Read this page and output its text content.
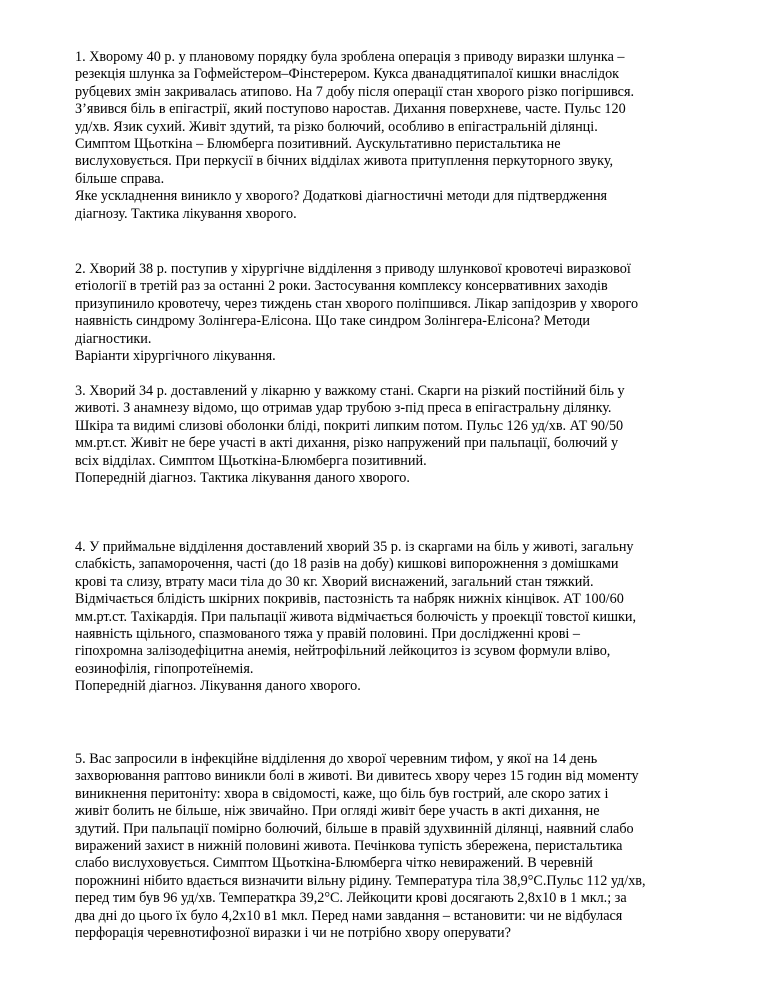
1. Хворому 40 р. у плановому порядку була зроблена операція з приводу виразки шлунка –

резекція шлунка за Гофмейстером–Фінстерером. Кукса дванадцятипалої кишки внаслідок

рубцевих змін закривалась атипово. На 7 добу після операції стан хворого різко погіршився.

З’явився біль в епігастрії, який поступово наростав. Дихання поверхневе, часте. Пульс 120

уд/хв. Язик сухий. Живіт здутий, та різко болючий, особливо в епігастральній ділянці.

Симптом Щьоткіна – Блюмберга позитивний. Аускультативно перистальтика не

вислуховується. При перкусії в бічних відділах живота притуплення перкуторного звуку,

більше справа.

Яке ускладнення виникло у хворого? Додаткові діагностичні методи для підтвердження

діагнозу. Тактика лікування хворого.

2. Хворий 38 р. поступив у хірургічне відділення з приводу шлункової кровотечі виразкової

етіології в третій раз за останні 2 роки. Застосування комплексу консервативних заходів

призупинило кровотечу, через тиждень стан хворого поліпшився. Лікар запідозрив у хворого

наявність синдрому Золінгера-Елісона. Що таке синдром Золінгера-Елісона? Методи

діагностики.

Варіанти хірургічного лікування.

3. Хворий 34 р. доставлений у лікарню у важкому стані. Скарги на різкий постійний біль у

животі. З анамнезу відомо, що отримав удар трубою з-під преса в епігастральну ділянку.

Шкіра та видимі слизові оболонки бліді, покриті липким потом. Пульс 126 уд/хв. АТ 90/50

мм.рт.ст. Живіт не бере участі в акті дихання, різко напружений при пальпації, болючий у

всіх відділах. Симптом Щьоткіна-Блюмберга позитивний.

Попередній діагноз. Тактика лікування даного хворого.

4. У приймальне відділення доставлений хворий 35 р. із скаргами на біль у животі, загальну

слабкість, запаморочення, часті (до 18 разів на добу) кишкові випорожнення з домішками

крові та слизу, втрату маси тіла до 30 кг. Хворий виснажений, загальний стан тяжкий.

Відмічається блідість шкірних покривів, пастозність та набряк нижніх кінцівок. АТ 100/60

мм.рт.ст. Тахікардія. При пальпації живота відмічається болючість у проекції товстої кишки,

наявність щільного, спазмованого тяжа у правій половині. При дослідженні крові –

гіпохромна залізодефіцитна анемія, нейтрофільний лейкоцитоз із зсувом формули вліво,

еозинофілія, гіпопротеїнемія.

Попередній діагноз. Лікування даного хворого.

5. Вас запросили в інфекційне відділення до хворої черевним тифом, у якої на 14 день

захворювання раптово виникли болі в животі. Ви дивитесь хвору через 15 годин від моменту

виникнення перитоніту: хвора в свідомості, каже, що біль був гострий, але скоро затих і

живіт болить не більше, ніж звичайно. При огляді живіт бере участь в акті дихання, не

здутий. При пальпації помірно болючий, більше в правій здухвинній ділянці, наявний слабо

виражений захист в нижній половині живота. Печінкова тупість збережена, перистальтика

слабо вислуховується. Симптом Щьоткіна-Блюмберга чітко невиражений. В черевній

порожнині нібито вдається визначити вільну рідину. Температура тіла 38,9°С.Пульс 112 уд/хв,

перед тим був 96 уд/хв. Температкра 39,2°С. Лейкоцити крові досягають 2,8х10 в 1 мкл.; за

два дні до цього їх було 4,2х10 в1 мкл. Перед нами завдання – встановити: чи не відбулася

перфорація черевнотифозної виразки і чи не потрібно хвору оперувати?
